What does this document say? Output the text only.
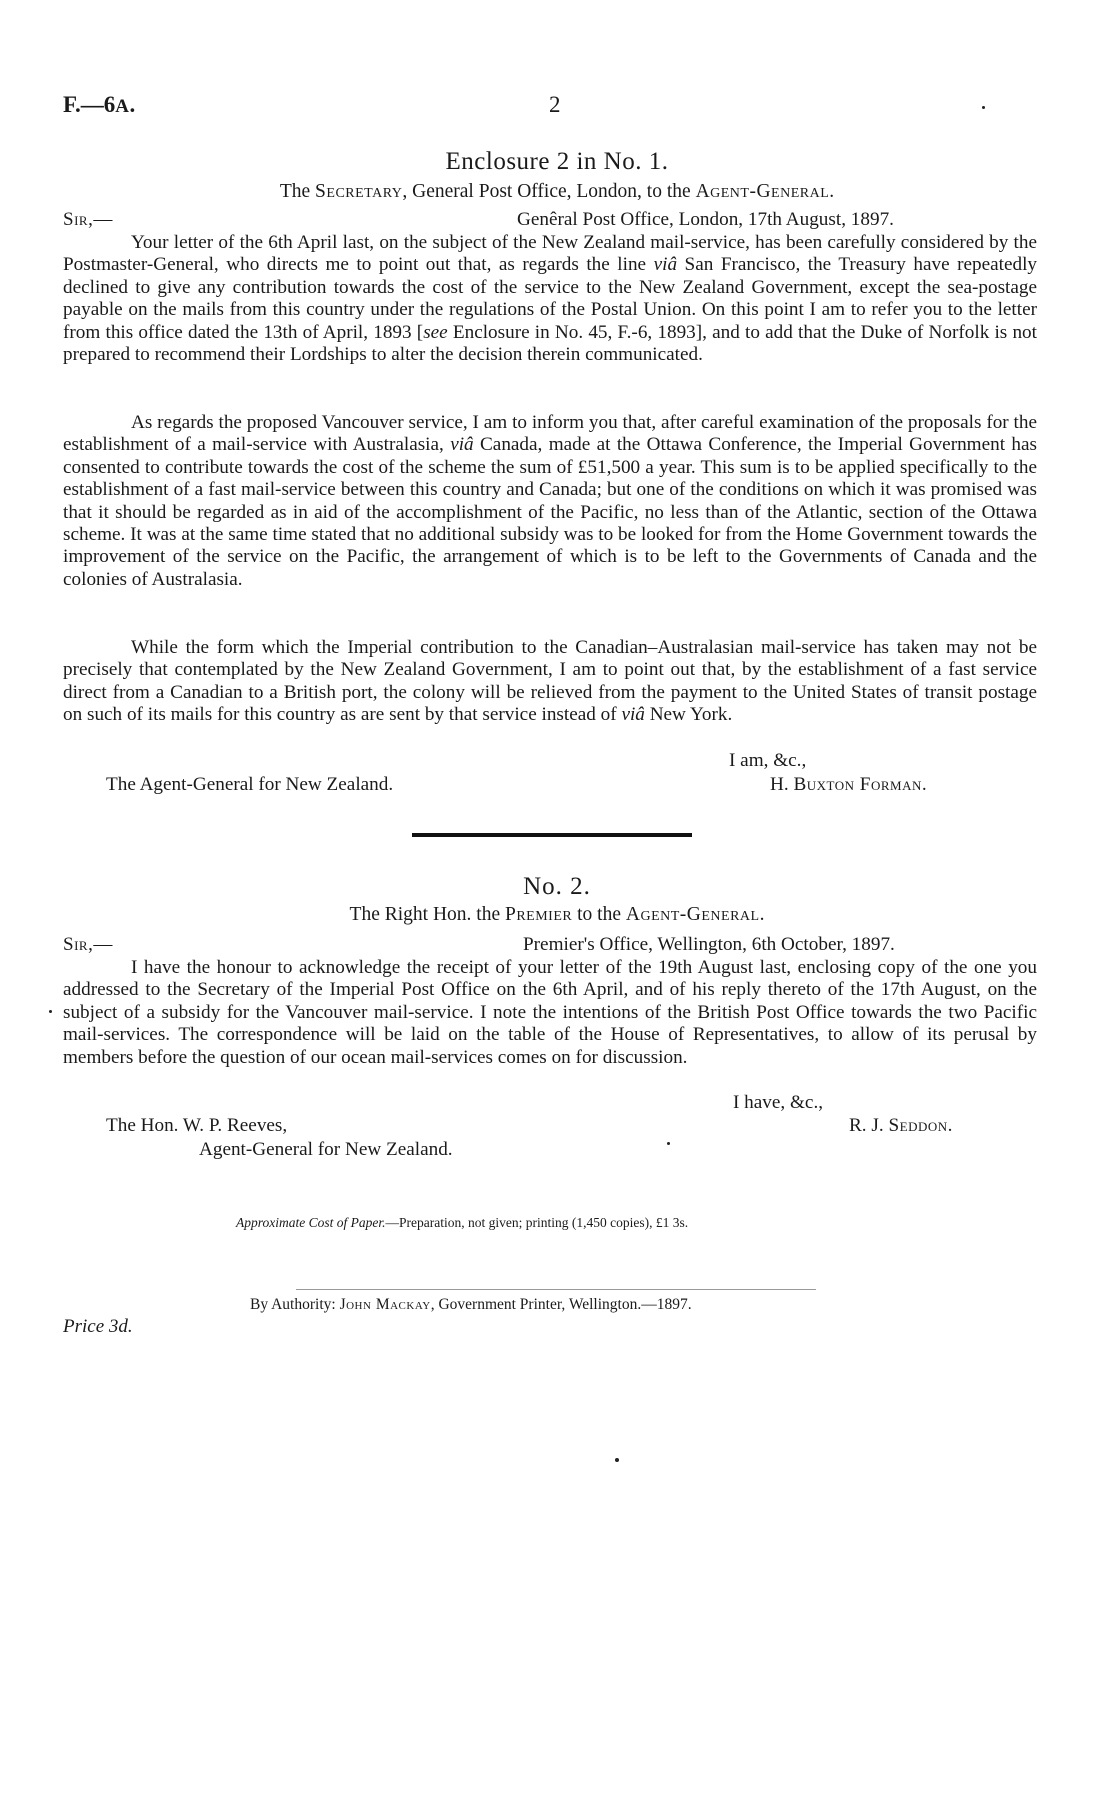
F.—6A.	2
Enclosure 2 in No. 1.
The Secretary, General Post Office, London, to the Agent-General.
Sir,—	Genêral Post Office, London, 17th August, 1897.

Your letter of the 6th April last, on the subject of the New Zealand mail-service, has been carefully considered by the Postmaster-General, who directs me to point out that, as regards the line viâ San Francisco, the Treasury have repeatedly declined to give any contribution towards the cost of the service to the New Zealand Government, except the sea-postage payable on the mails from this country under the regulations of the Postal Union. On this point I am to refer you to the letter from this office dated the 13th of April, 1893 [see Enclosure in No. 45, F.-6, 1893], and to add that the Duke of Norfolk is not prepared to recommend their Lordships to alter the decision therein communicated.

As regards the proposed Vancouver service, I am to inform you that, after careful examination of the proposals for the establishment of a mail-service with Australasia, viâ Canada, made at the Ottawa Conference, the Imperial Government has consented to contribute towards the cost of the scheme the sum of £51,500 a year. This sum is to be applied specifically to the establishment of a fast mail-service between this country and Canada; but one of the conditions on which it was promised was that it should be regarded as in aid of the accomplishment of the Pacific, no less than of the Atlantic, section of the Ottawa scheme. It was at the same time stated that no additional subsidy was to be looked for from the Home Government towards the improvement of the service on the Pacific, the arrangement of which is to be left to the Governments of Canada and the colonies of Australasia.

While the form which the Imperial contribution to the Canadian–Australasian mail-service has taken may not be precisely that contemplated by the New Zealand Government, I am to point out that, by the establishment of a fast service direct from a Canadian to a British port, the colony will be relieved from the payment to the United States of transit postage on such of its mails for this country as are sent by that service instead of viâ New York.

I am, &c.,
The Agent-General for New Zealand.	H. Buxton Forman.
No. 2.
The Right Hon. the Premier to the Agent-General.
Sir,—	Premier's Office, Wellington, 6th October, 1897.

I have the honour to acknowledge the receipt of your letter of the 19th August last, enclosing copy of the one you addressed to the Secretary of the Imperial Post Office on the 6th April, and of his reply thereto of the 17th August, on the subject of a subsidy for the Vancouver mail-service. I note the intentions of the British Post Office towards the two Pacific mail-services. The correspondence will be laid on the table of the House of Representatives, to allow of its perusal by members before the question of our ocean mail-services comes on for discussion.

I have, &c.,
The Hon. W. P. Reeves,	R. J. Seddon.
Agent-General for New Zealand.
Approximate Cost of Paper.—Preparation, not given; printing (1,450 copies), £1 3s.
By Authority: John Mackay, Government Printer, Wellington.—1897.
Price 3d.
